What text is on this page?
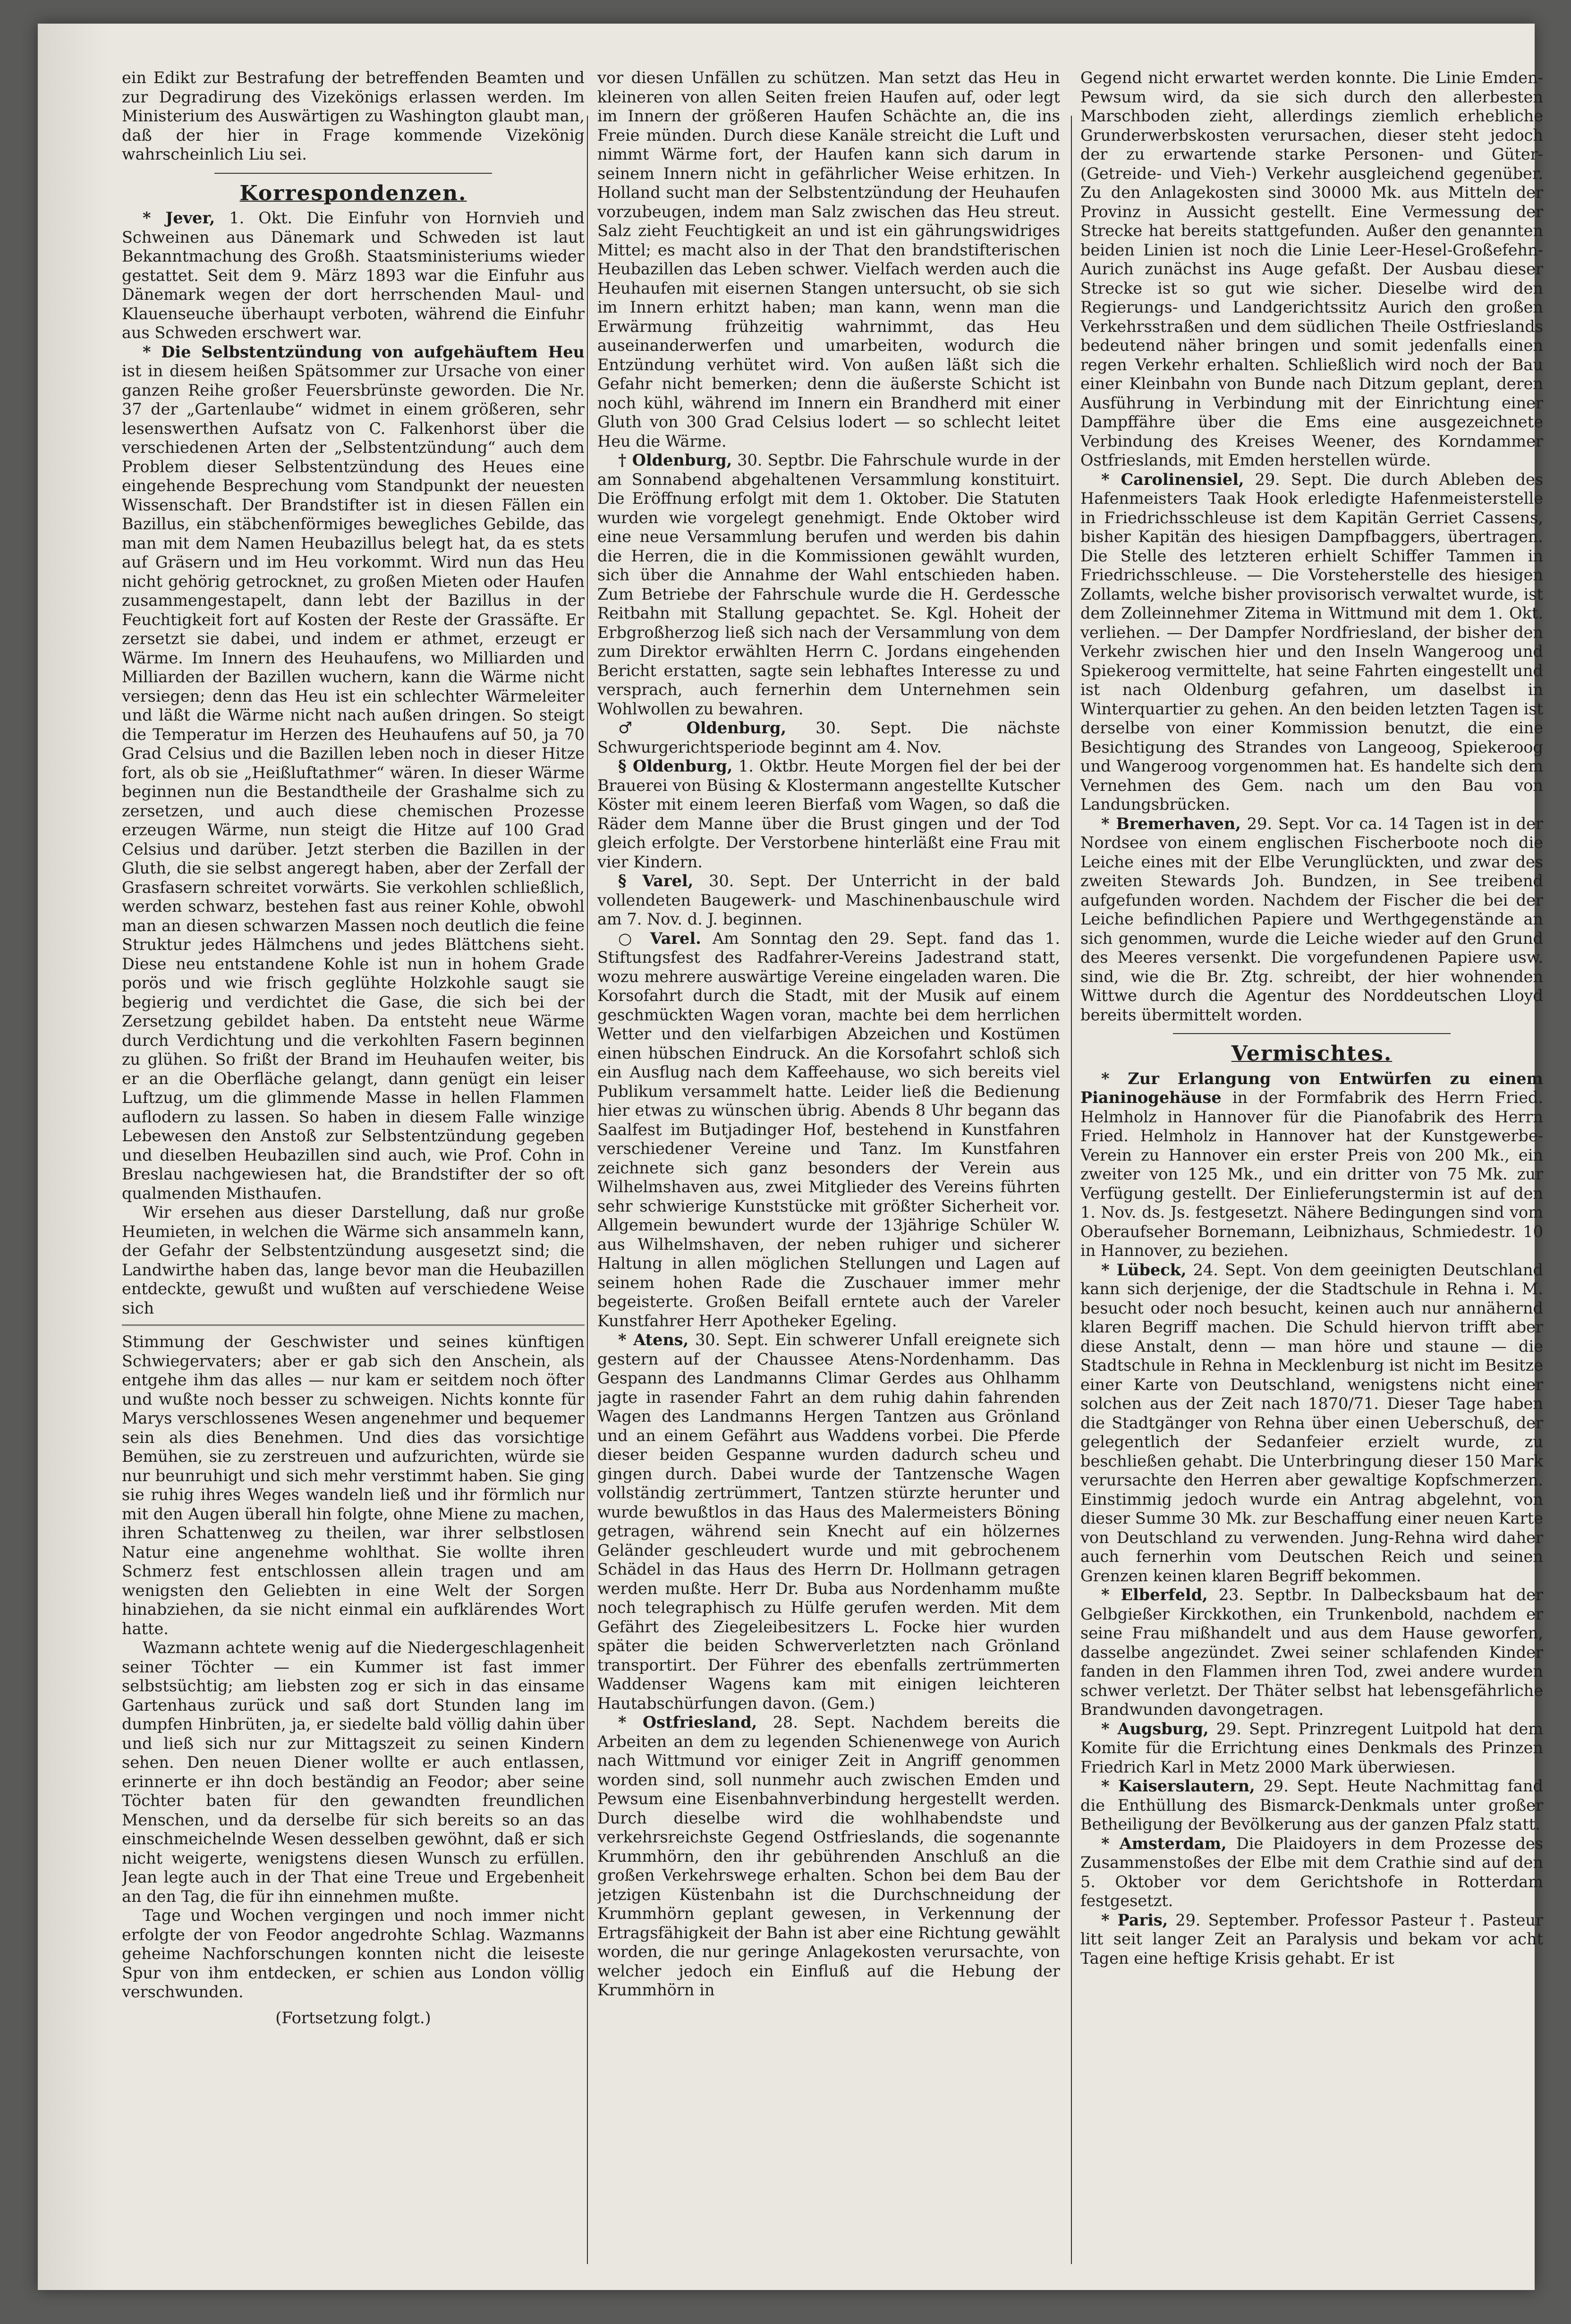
ein Edikt zur Bestrafung der betreffenden Beamten und zur Degradirung des Vizekönigs erlassen werden. Im Ministerium des Auswärtigen zu Washington glaubt man, daß der hier in Frage kommende Vizekönig wahrscheinlich Liu sei.

Korrespondenzen.

* Jever, 1. Okt. Die Einfuhr von Hornvieh und Schweinen aus Dänemark und Schweden ist laut Bekanntmachung des Großh. Staatsministeriums wieder gestattet. Seit dem 9. März 1893 war die Einfuhr aus Dänemark wegen der dort herrschenden Maul- und Klauenseuche überhaupt verboten, während die Einfuhr aus Schweden erschwert war.

* Die Selbstentzündung von aufgehäuftem Heu ist in diesem heißen Spätsommer zur Ursache von einer ganzen Reihe großer Feuersbrünste geworden. Die Nr. 37 der „Gartenlaube“ widmet in einem größeren, sehr lesenswerthen Aufsatz von C. Falkenhorst über die verschiedenen Arten der „Selbstentzündung“ auch dem Problem dieser Selbstentzündung des Heues eine eingehende Besprechung vom Standpunkt der neuesten Wissenschaft. Der Brandstifter ist in diesen Fällen ein Bazillus, ein stäbchenförmiges bewegliches Gebilde, das man mit dem Namen Heubazillus belegt hat, da es stets auf Gräsern und im Heu vorkommt. Wird nun das Heu nicht gehörig getrocknet, zu großen Mieten oder Haufen zusammengestapelt, dann lebt der Bazillus in der Feuchtigkeit fort auf Kosten der Reste der Grassäfte. Er zersetzt sie dabei, und indem er athmet, erzeugt er Wärme. Im Innern des Heuhaufens, wo Milliarden und Milliarden der Bazillen wuchern, kann die Wärme nicht versiegen; denn das Heu ist ein schlechter Wärmeleiter und läßt die Wärme nicht nach außen dringen. So steigt die Temperatur im Herzen des Heuhaufens auf 50, ja 70 Grad Celsius und die Bazillen leben noch in dieser Hitze fort, als ob sie „Heißluftathmer“ wären. In dieser Wärme beginnen nun die Bestandtheile der Grashalme sich zu zersetzen, und auch diese chemischen Prozesse erzeugen Wärme, nun steigt die Hitze auf 100 Grad Celsius und darüber. Jetzt sterben die Bazillen in der Gluth, die sie selbst angeregt haben, aber der Zerfall der Grasfasern schreitet vorwärts. Sie verkohlen schließlich, werden schwarz, bestehen fast aus reiner Kohle, obwohl man an diesen schwarzen Massen noch deutlich die feine Struktur jedes Hälmchens und jedes Blättchens sieht. Diese neu entstandene Kohle ist nun in hohem Grade porös und wie frisch geglühte Holzkohle saugt sie begierig und verdichtet die Gase, die sich bei der Zersetzung gebildet haben. Da entsteht neue Wärme durch Verdichtung und die verkohlten Fasern beginnen zu glühen. So frißt der Brand im Heuhaufen weiter, bis er an die Oberfläche gelangt, dann genügt ein leiser Luftzug, um die glimmende Masse in hellen Flammen auflodern zu lassen. So haben in diesem Falle winzige Lebewesen den Anstoß zur Selbstentzündung gegeben und dieselben Heubazillen sind auch, wie Prof. Cohn in Breslau nachgewiesen hat, die Brandstifter der so oft qualmenden Misthaufen.

Wir ersehen aus dieser Darstellung, daß nur große Heumieten, in welchen die Wärme sich ansammeln kann, der Gefahr der Selbstentzündung ausgesetzt sind; die Landwirthe haben das, lange bevor man die Heubazillen entdeckte, gewußt und wußten auf verschiedene Weise sich

Stimmung der Geschwister und seines künftigen Schwiegervaters; aber er gab sich den Anschein, als entgehe ihm das alles — nur kam er seitdem noch öfter und wußte noch besser zu schweigen. Nichts konnte für Marys verschlossenes Wesen angenehmer und bequemer sein als dies Benehmen. Und dies das vorsichtige Bemühen, sie zu zerstreuen und aufzurichten, würde sie nur beunruhigt und sich mehr verstimmt haben. Sie ging sie ruhig ihres Weges wandeln ließ und ihr förmlich nur mit den Augen überall hin folgte, ohne Miene zu machen, ihren Schattenweg zu theilen, war ihrer selbstlosen Natur eine angenehme wohlthat. Sie wollte ihren Schmerz fest entschlossen allein tragen und am wenigsten den Geliebten in eine Welt der Sorgen hinabziehen, da sie nicht einmal ein aufklärendes Wort hatte.

Wazmann achtete wenig auf die Niedergeschlagenheit seiner Töchter — ein Kummer ist fast immer selbstsüchtig; am liebsten zog er sich in das einsame Gartenhaus zurück und saß dort Stunden lang im dumpfen Hinbrüten, ja, er siedelte bald völlig dahin über und ließ sich nur zur Mittagszeit zu seinen Kindern sehen. Den neuen Diener wollte er auch entlassen, erinnerte er ihn doch beständig an Feodor; aber seine Töchter baten für den gewandten freundlichen Menschen, und da derselbe für sich bereits so an das einschmeichelnde Wesen desselben gewöhnt, daß er sich nicht weigerte, wenigstens diesen Wunsch zu erfüllen. Jean legte auch in der That eine Treue und Ergebenheit an den Tag, die für ihn einnehmen mußte.

Tage und Wochen vergingen und noch immer nicht erfolgte der von Feodor angedrohte Schlag. Wazmanns geheime Nachforschungen konnten nicht die leiseste Spur von ihm entdecken, er schien aus London völlig verschwunden.

(Fortsetzung folgt.)

vor diesen Unfällen zu schützen. Man setzt das Heu in kleineren von allen Seiten freien Haufen auf, oder legt im Innern der größeren Haufen Schächte an, die ins Freie münden. Durch diese Kanäle streicht die Luft und nimmt Wärme fort, der Haufen kann sich darum in seinem Innern nicht in gefährlicher Weise erhitzen. In Holland sucht man der Selbstentzündung der Heuhaufen vorzubeugen, indem man Salz zwischen das Heu streut. Salz zieht Feuchtigkeit an und ist ein gährungswidriges Mittel; es macht also in der That den brandstifterischen Heubazillen das Leben schwer. Vielfach werden auch die Heuhaufen mit eisernen Stangen untersucht, ob sie sich im Innern erhitzt haben; man kann, wenn man die Erwärmung frühzeitig wahrnimmt, das Heu auseinanderwerfen und umarbeiten, wodurch die Entzündung verhütet wird. Von außen läßt sich die Gefahr nicht bemerken; denn die äußerste Schicht ist noch kühl, während im Innern ein Brandherd mit einer Gluth von 300 Grad Celsius lodert — so schlecht leitet Heu die Wärme.

† Oldenburg, 30. Septbr. Die Fahrschule wurde in der am Sonnabend abgehaltenen Versammlung konstituirt. Die Eröffnung erfolgt mit dem 1. Oktober. Die Statuten wurden wie vorgelegt genehmigt. Ende Oktober wird eine neue Versammlung berufen und werden bis dahin die Herren, die in die Kommissionen gewählt wurden, sich über die Annahme der Wahl entschieden haben. Zum Betriebe der Fahrschule wurde die H. Gerdessche Reitbahn mit Stallung gepachtet. Se. Kgl. Hoheit der Erbgroßherzog ließ sich nach der Versammlung von dem zum Direktor erwählten Herrn C. Jordans eingehenden Bericht erstatten, sagte sein lebhaftes Interesse zu und versprach, auch fernerhin dem Unternehmen sein Wohlwollen zu bewahren.

♂ Oldenburg, 30. Sept. Die nächste Schwurgerichtsperiode beginnt am 4. Nov.

§ Oldenburg, 1. Oktbr. Heute Morgen fiel der bei der Brauerei von Büsing & Klostermann angestellte Kutscher Köster mit einem leeren Bierfaß vom Wagen, so daß die Räder dem Manne über die Brust gingen und der Tod gleich erfolgte. Der Verstorbene hinterläßt eine Frau mit vier Kindern.

§ Varel, 30. Sept. Der Unterricht in der bald vollendeten Baugewerk- und Maschinenbauschule wird am 7. Nov. d. J. beginnen.

○ Varel. Am Sonntag den 29. Sept. fand das 1. Stiftungsfest des Radfahrer-Vereins Jadestrand statt, wozu mehrere auswärtige Vereine eingeladen waren. Die Korsofahrt durch die Stadt, mit der Musik auf einem geschmückten Wagen voran, machte bei dem herrlichen Wetter und den vielfarbigen Abzeichen und Kostümen einen hübschen Eindruck. An die Korsofahrt schloß sich ein Ausflug nach dem Kaffeehause, wo sich bereits viel Publikum versammelt hatte. Leider ließ die Bedienung hier etwas zu wünschen übrig. Abends 8 Uhr begann das Saalfest im Butjadinger Hof, bestehend in Kunstfahren verschiedener Vereine und Tanz. Im Kunstfahren zeichnete sich ganz besonders der Verein aus Wilhelmshaven aus, zwei Mitglieder des Vereins führten sehr schwierige Kunststücke mit größter Sicherheit vor. Allgemein bewundert wurde der 13jährige Schüler W. aus Wilhelmshaven, der neben ruhiger und sicherer Haltung in allen möglichen Stellungen und Lagen auf seinem hohen Rade die Zuschauer immer mehr begeisterte. Großen Beifall erntete auch der Vareler Kunstfahrer Herr Apotheker Egeling.

* Atens, 30. Sept. Ein schwerer Unfall ereignete sich gestern auf der Chaussee Atens-Nordenhamm. Das Gespann des Landmanns Climar Gerdes aus Ohlhamm jagte in rasender Fahrt an dem ruhig dahin fahrenden Wagen des Landmanns Hergen Tantzen aus Grönland und an einem Gefährt aus Waddens vorbei. Die Pferde dieser beiden Gespanne wurden dadurch scheu und gingen durch. Dabei wurde der Tantzensche Wagen vollständig zertrümmert, Tantzen stürzte herunter und wurde bewußtlos in das Haus des Malermeisters Böning getragen, während sein Knecht auf ein hölzernes Geländer geschleudert wurde und mit gebrochenem Schädel in das Haus des Herrn Dr. Hollmann getragen werden mußte. Herr Dr. Buba aus Nordenhamm mußte noch telegraphisch zu Hülfe gerufen werden. Mit dem Gefährt des Ziegeleibesitzers L. Focke hier wurden später die beiden Schwerverletzten nach Grönland transportirt. Der Führer des ebenfalls zertrümmerten Waddenser Wagens kam mit einigen leichteren Hautabschürfungen davon. (Gem.)

* Ostfriesland, 28. Sept. Nachdem bereits die Arbeiten an dem zu legenden Schienenwege von Aurich nach Wittmund vor einiger Zeit in Angriff genommen worden sind, soll nunmehr auch zwischen Emden und Pewsum eine Eisenbahnverbindung hergestellt werden. Durch dieselbe wird die wohlhabendste und verkehrsreichste Gegend Ostfrieslands, die sogenannte Krummhörn, den ihr gebührenden Anschluß an die großen Verkehrswege erhalten. Schon bei dem Bau der jetzigen Küstenbahn ist die Durchschneidung der Krummhörn geplant gewesen, in Verkennung der Ertragsfähigkeit der Bahn ist aber eine Richtung gewählt worden, die nur geringe Anlagekosten verursachte, von welcher jedoch ein Einfluß auf die Hebung der Krummhörn in

Gegend nicht erwartet werden konnte. Die Linie Emden-Pewsum wird, da sie sich durch den allerbesten Marschboden zieht, allerdings ziemlich erhebliche Grunderwerbskosten verursachen, dieser steht jedoch der zu erwartende starke Personen- und Güter- (Getreide- und Vieh-) Verkehr ausgleichend gegenüber. Zu den Anlagekosten sind 30000 Mk. aus Mitteln der Provinz in Aussicht gestellt. Eine Vermessung der Strecke hat bereits stattgefunden. Außer den genannten beiden Linien ist noch die Linie Leer-Hesel-Großefehn-Aurich zunächst ins Auge gefaßt. Der Ausbau dieser Strecke ist so gut wie sicher. Dieselbe wird den Regierungs- und Landgerichtssitz Aurich den großen Verkehrsstraßen und dem südlichen Theile Ostfrieslands bedeutend näher bringen und somit jedenfalls einen regen Verkehr erhalten. Schließlich wird noch der Bau einer Kleinbahn von Bunde nach Ditzum geplant, deren Ausführung in Verbindung mit der Einrichtung einer Dampffähre über die Ems eine ausgezeichnete Verbindung des Kreises Weener, des Korndammer Ostfrieslands, mit Emden herstellen würde.

* Carolinensiel, 29. Sept. Die durch Ableben des Hafenmeisters Taak Hook erledigte Hafenmeisterstelle in Friedrichsschleuse ist dem Kapitän Gerriet Cassens, bisher Kapitän des hiesigen Dampfbaggers, übertragen. Die Stelle des letzteren erhielt Schiffer Tammen in Friedrichsschleuse. — Die Vorsteherstelle des hiesigen Zollamts, welche bisher provisorisch verwaltet wurde, ist dem Zolleinnehmer Zitema in Wittmund mit dem 1. Okt. verliehen. — Der Dampfer Nordfriesland, der bisher den Verkehr zwischen hier und den Inseln Wangeroog und Spiekeroog vermittelte, hat seine Fahrten eingestellt und ist nach Oldenburg gefahren, um daselbst in Winterquartier zu gehen. An den beiden letzten Tagen ist derselbe von einer Kommission benutzt, die eine Besichtigung des Strandes von Langeoog, Spiekeroog und Wangeroog vorgenommen hat. Es handelte sich dem Vernehmen des Gem. nach um den Bau von Landungsbrücken.

* Bremerhaven, 29. Sept. Vor ca. 14 Tagen ist in der Nordsee von einem englischen Fischerboote noch die Leiche eines mit der Elbe Verunglückten, und zwar des zweiten Stewards Joh. Bundzen, in See treibend aufgefunden worden. Nachdem der Fischer die bei der Leiche befindlichen Papiere und Werthgegenstände an sich genommen, wurde die Leiche wieder auf den Grund des Meeres versenkt. Die vorgefundenen Papiere usw. sind, wie die Br. Ztg. schreibt, der hier wohnenden Wittwe durch die Agentur des Norddeutschen Lloyd bereits übermittelt worden.

Vermischtes.

* Zur Erlangung von Entwürfen zu einem Pianinogehäuse in der Formfabrik des Herrn Fried. Helmholz in Hannover für die Pianofabrik des Herrn Fried. Helmholz in Hannover hat der Kunstgewerbe-Verein zu Hannover ein erster Preis von 200 Mk., ein zweiter von 125 Mk., und ein dritter von 75 Mk. zur Verfügung gestellt. Der Einlieferungstermin ist auf den 1. Nov. ds. Js. festgesetzt. Nähere Bedingungen sind vom Oberaufseher Bornemann, Leibnizhaus, Schmiedestr. 10 in Hannover, zu beziehen.

* Lübeck, 24. Sept. Von dem geeinigten Deutschland kann sich derjenige, der die Stadtschule in Rehna i. M. besucht oder noch besucht, keinen auch nur annähernd klaren Begriff machen. Die Schuld hiervon trifft aber diese Anstalt, denn — man höre und staune — die Stadtschule in Rehna in Mecklenburg ist nicht im Besitze einer Karte von Deutschland, wenigstens nicht einer solchen aus der Zeit nach 1870/71. Dieser Tage haben die Stadtgänger von Rehna über einen Ueberschuß, der gelegentlich der Sedanfeier erzielt wurde, zu beschließen gehabt. Die Unterbringung dieser 150 Mark verursachte den Herren aber gewaltige Kopfschmerzen. Einstimmig jedoch wurde ein Antrag abgelehnt, von dieser Summe 30 Mk. zur Beschaffung einer neuen Karte von Deutschland zu verwenden. Jung-Rehna wird daher auch fernerhin vom Deutschen Reich und seinen Grenzen keinen klaren Begriff bekommen.

* Elberfeld, 23. Septbr. In Dalbecksbaum hat der Gelbgießer Kirckkothen, ein Trunkenbold, nachdem er seine Frau mißhandelt und aus dem Hause geworfen, dasselbe angezündet. Zwei seiner schlafenden Kinder fanden in den Flammen ihren Tod, zwei andere wurden schwer verletzt. Der Thäter selbst hat lebensgefährliche Brandwunden davongetragen.

* Augsburg, 29. Sept. Prinzregent Luitpold hat dem Komite für die Errichtung eines Denkmals des Prinzen Friedrich Karl in Metz 2000 Mark überwiesen.

* Kaiserslautern, 29. Sept. Heute Nachmittag fand die Enthüllung des Bismarck-Denkmals unter großer Betheiligung der Bevölkerung aus der ganzen Pfalz statt.

* Amsterdam, Die Plaidoyers in dem Prozesse des Zusammenstoßes der Elbe mit dem Crathie sind auf den 5. Oktober vor dem Gerichtshofe in Rotterdam festgesetzt.

* Paris, 29. September. Professor Pasteur †. Pasteur litt seit langer Zeit an Paralysis und bekam vor acht Tagen eine heftige Krisis gehabt. Er ist
